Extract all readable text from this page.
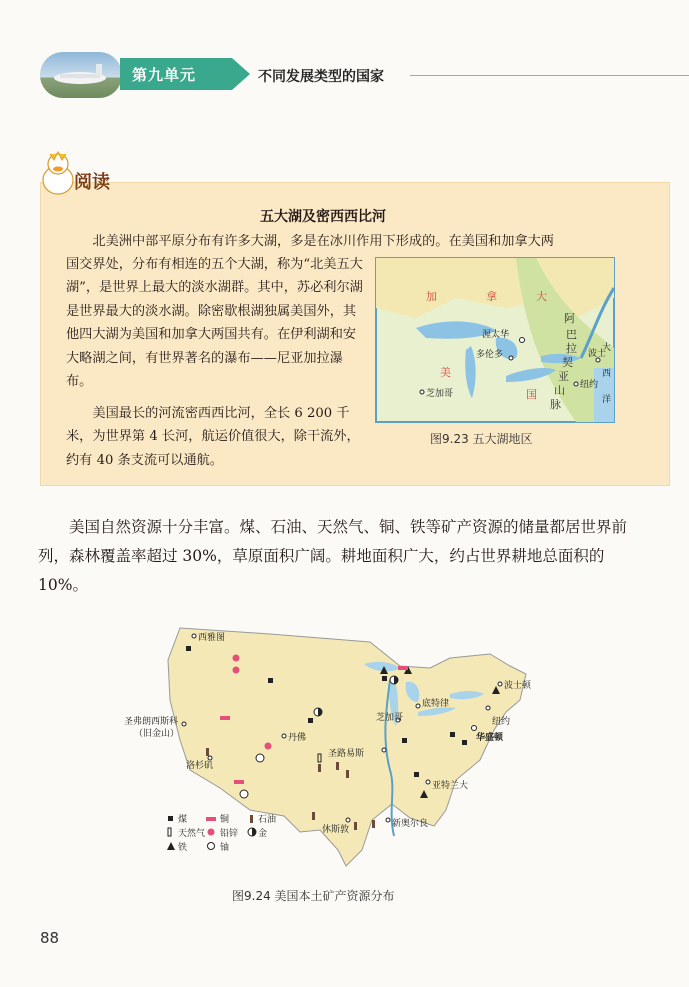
第九单元	不同发展类型的国家
阅读
五大湖及密西西比河
北美洲中部平原分布有许多大湖，多是在冰川作用下形成的。在美国和加拿大两
国交界处，分布有相连的五个大湖，称为“北美五大湖”，是世界上最大的淡水湖群。其中，苏必利尔湖是世界最大的淡水湖。除密歇根湖独属美国外，其他四大湖为美国和加拿大两国共有。在伊利湖和安大略湖之间，有世界著名的瀑布——尼亚加拉瀑布。
美国最长的河流密西西比河，全长 6 200 千米，为世界第 4 长河，航运价值很大，除干流外，约有 40 条支流可以通航。
加	拿	大
美
国
阿
巴
拉
契
亚
山
脉
渥太华
多伦多
芝加哥
波士
纽约
大
西
洋
图9.23 五大湖地区
美国自然资源十分丰富。煤、石油、天然气、铜、铁等矿产资源的储量都居世界前列，森林覆盖率超过 30%，草原面积广阔。耕地面积广大，约占世界耕地总面积的 10%。
西雅图
圣弗朗西斯科
（旧金山）
洛杉矶
丹佛
圣路易斯
芝加哥
底特律
波士顿
纽约
华盛顿
亚特兰大
休斯敦
新奥尔良
煤
天然气
铁
铜
铅锌
铀
石油
金
图9.24 美国本土矿产资源分布
88
